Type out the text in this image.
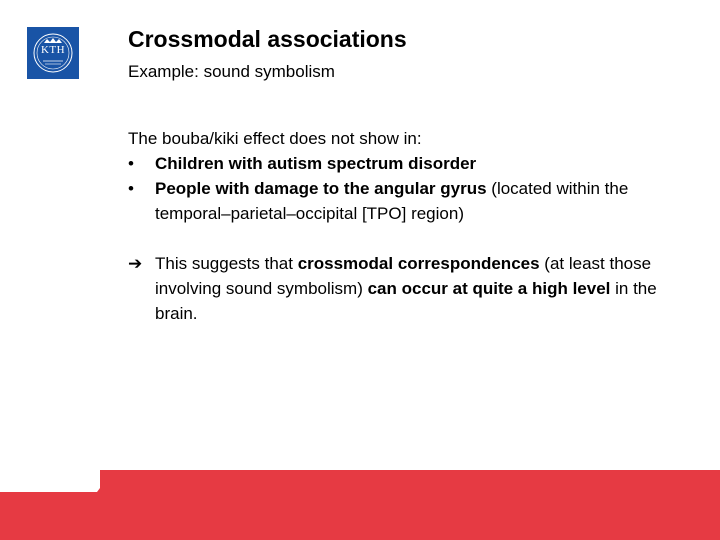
KTH	Crossmodal associations
Example: sound symbolism

The bouba/kiki effect does not show in:

• Children with autism spectrum disorder
• People with damage to the angular gyrus (located within the temporal–parietal–occipital [TPO] region)
➔ This suggests that crossmodal correspondences (at least those involving sound symbolism) can occur at quite a high level in the brain.
